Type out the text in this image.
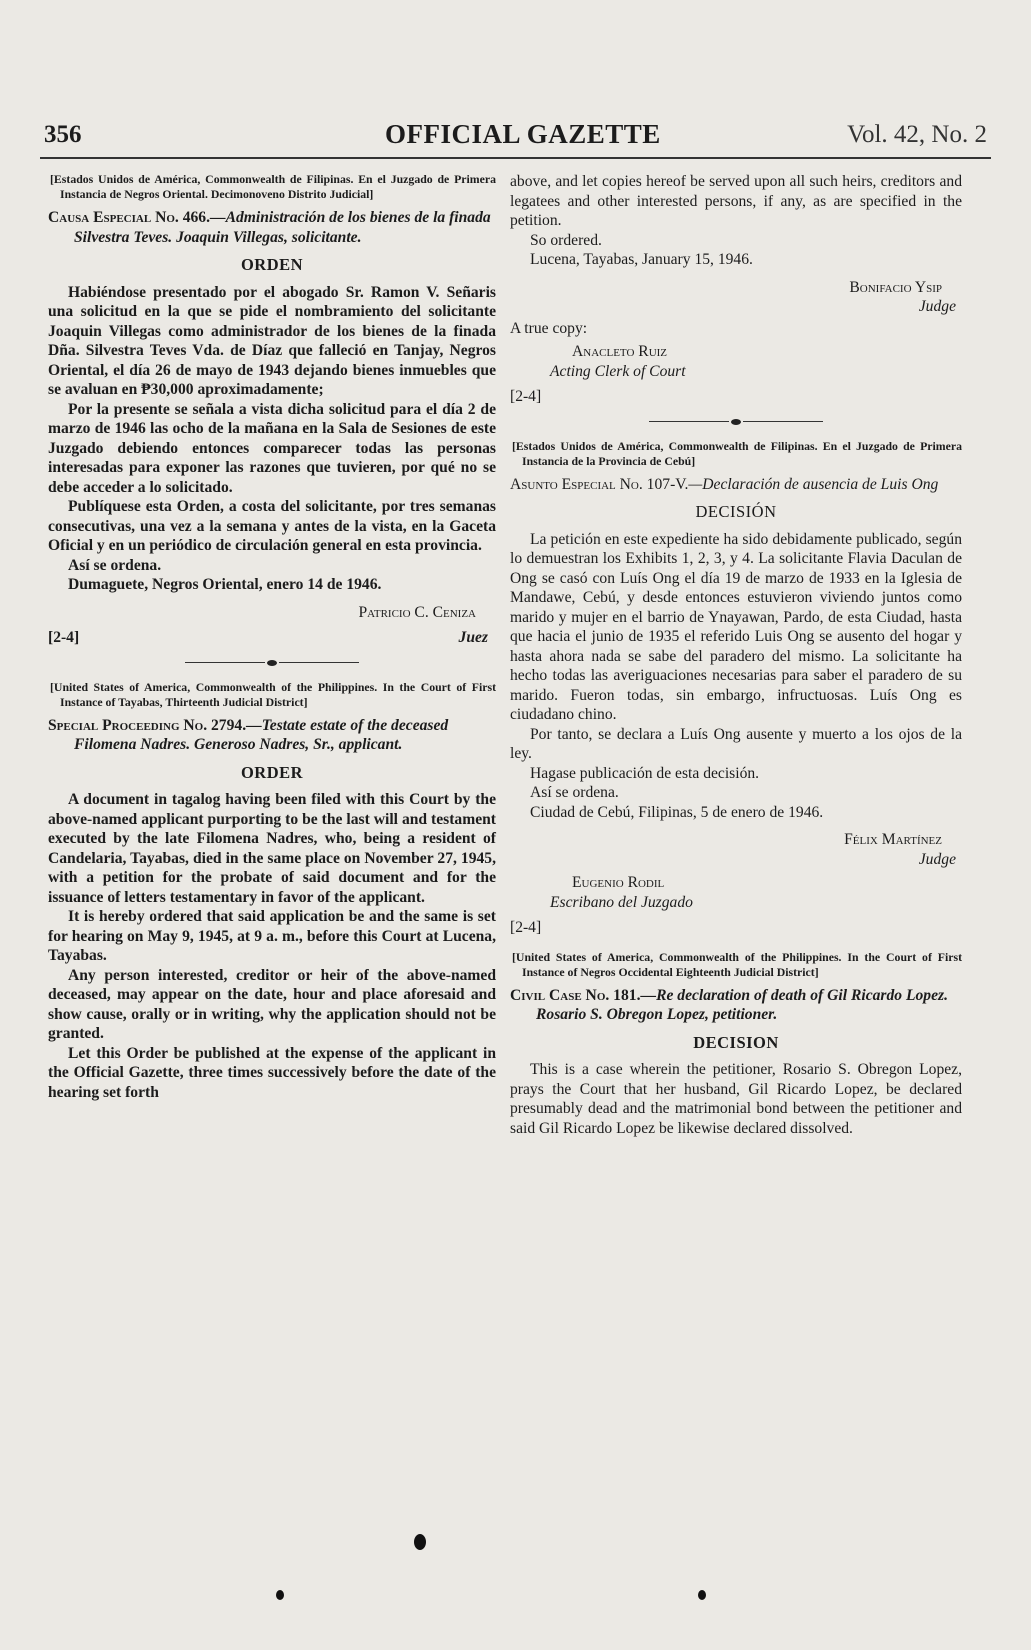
356	OFFICIAL GAZETTE	Vol. 42, No. 2

[Estados Unidos de América, Commonwealth de Filipinas. En el Juzgado de Primera Instancia de Negros Oriental. Decimonoveno Distrito Judicial]

Causa Especial No. 466.—Administración de los bienes de la finada Silvestra Teves. Joaquin Villegas, solicitante.

ORDEN

Habiéndose presentado por el abogado Sr. Ramon V. Señaris una solicitud en la que se pide el nombramiento del solicitante Joaquin Villegas como administrador de los bienes de la finada Dña. Silvestra Teves Vda. de Díaz que falleció en Tanjay, Negros Oriental, el día 26 de mayo de 1943 dejando bienes inmuebles que se avaluan en ₱30,000 aproximadamente;

Por la presente se señala a vista dicha solicitud para el día 2 de marzo de 1946 las ocho de la mañana en la Sala de Sesiones de este Juzgado debiendo entonces comparecer todas las personas interesadas para exponer las razones que tuvieren, por qué no se debe acceder a lo solicitado.

Publíquese esta Orden, a costa del solicitante, por tres semanas consecutivas, una vez a la semana y antes de la vista, en la Gaceta Oficial y en un periódico de circulación general en esta provincia.

Así se ordena.

Dumaguete, Negros Oriental, enero 14 de 1946.

Patricio C. Ceniza
[2-4]	Juez

[United States of America, Commonwealth of the Philippines. In the Court of First Instance of Tayabas, Thirteenth Judicial District]

Special Proceeding No. 2794.—Testate estate of the deceased Filomena Nadres. Generoso Nadres, Sr., applicant.

ORDER

A document in tagalog having been filed with this Court by the above-named applicant purporting to be the last will and testament executed by the late Filomena Nadres, who, being a resident of Candelaria, Tayabas, died in the same place on November 27, 1945, with a petition for the probate of said document and for the issuance of letters testamentary in favor of the applicant.

It is hereby ordered that said application be and the same is set for hearing on May 9, 1945, at 9 a. m., before this Court at Lucena, Tayabas.

Any person interested, creditor or heir of the above-named deceased, may appear on the date, hour and place aforesaid and show cause, orally or in writing, why the application should not be granted.

Let this Order be published at the expense of the applicant in the Official Gazette, three times successively before the date of the hearing set forth

above, and let copies hereof be served upon all such heirs, creditors and legatees and other interested persons, if any, as are specified in the petition.

So ordered.

Lucena, Tayabas, January 15, 1946.

Bonifacio Ysip
Judge

A true copy:

Anacleto Ruiz
Acting Clerk of Court
[2-4]

[Estados Unidos de América, Commonwealth de Filipinas. En el Juzgado de Primera Instancia de la Provincia de Cebú]

Asunto Especial No. 107-V.—Declaración de ausencia de Luis Ong

DECISIÓN

La petición en este expediente ha sido debidamente publicado, según lo demuestran los Exhibits 1, 2, 3, y 4. La solicitante Flavia Daculan de Ong se casó con Luís Ong el día 19 de marzo de 1933 en la Iglesia de Mandawe, Cebú, y desde entonces estuvieron viviendo juntos como marido y mujer en el barrio de Ynayawan, Pardo, de esta Ciudad, hasta que hacia el junio de 1935 el referido Luis Ong se ausento del hogar y hasta ahora nada se sabe del paradero del mismo. La solicitante ha hecho todas las averiguaciones necesarias para saber el paradero de su marido. Fueron todas, sin embargo, infructuosas. Luís Ong es ciudadano chino.

Por tanto, se declara a Luís Ong ausente y muerto a los ojos de la ley.

Hagase publicación de esta decisión.

Así se ordena.

Ciudad de Cebú, Filipinas, 5 de enero de 1946.

Félix Martínez
Judge
Eugenio Rodil
Escribano del Juzgado
[2-4]

[United States of America, Commonwealth of the Philippines. In the Court of First Instance of Negros Occidental Eighteenth Judicial District]

Civil Case No. 181.—Re declaration of death of Gil Ricardo Lopez. Rosario S. Obregon Lopez, petitioner.

DECISION

This is a case wherein the petitioner, Rosario S. Obregon Lopez, prays the Court that her husband, Gil Ricardo Lopez, be declared presumably dead and the matrimonial bond between the petitioner and said Gil Ricardo Lopez be likewise declared dissolved.
